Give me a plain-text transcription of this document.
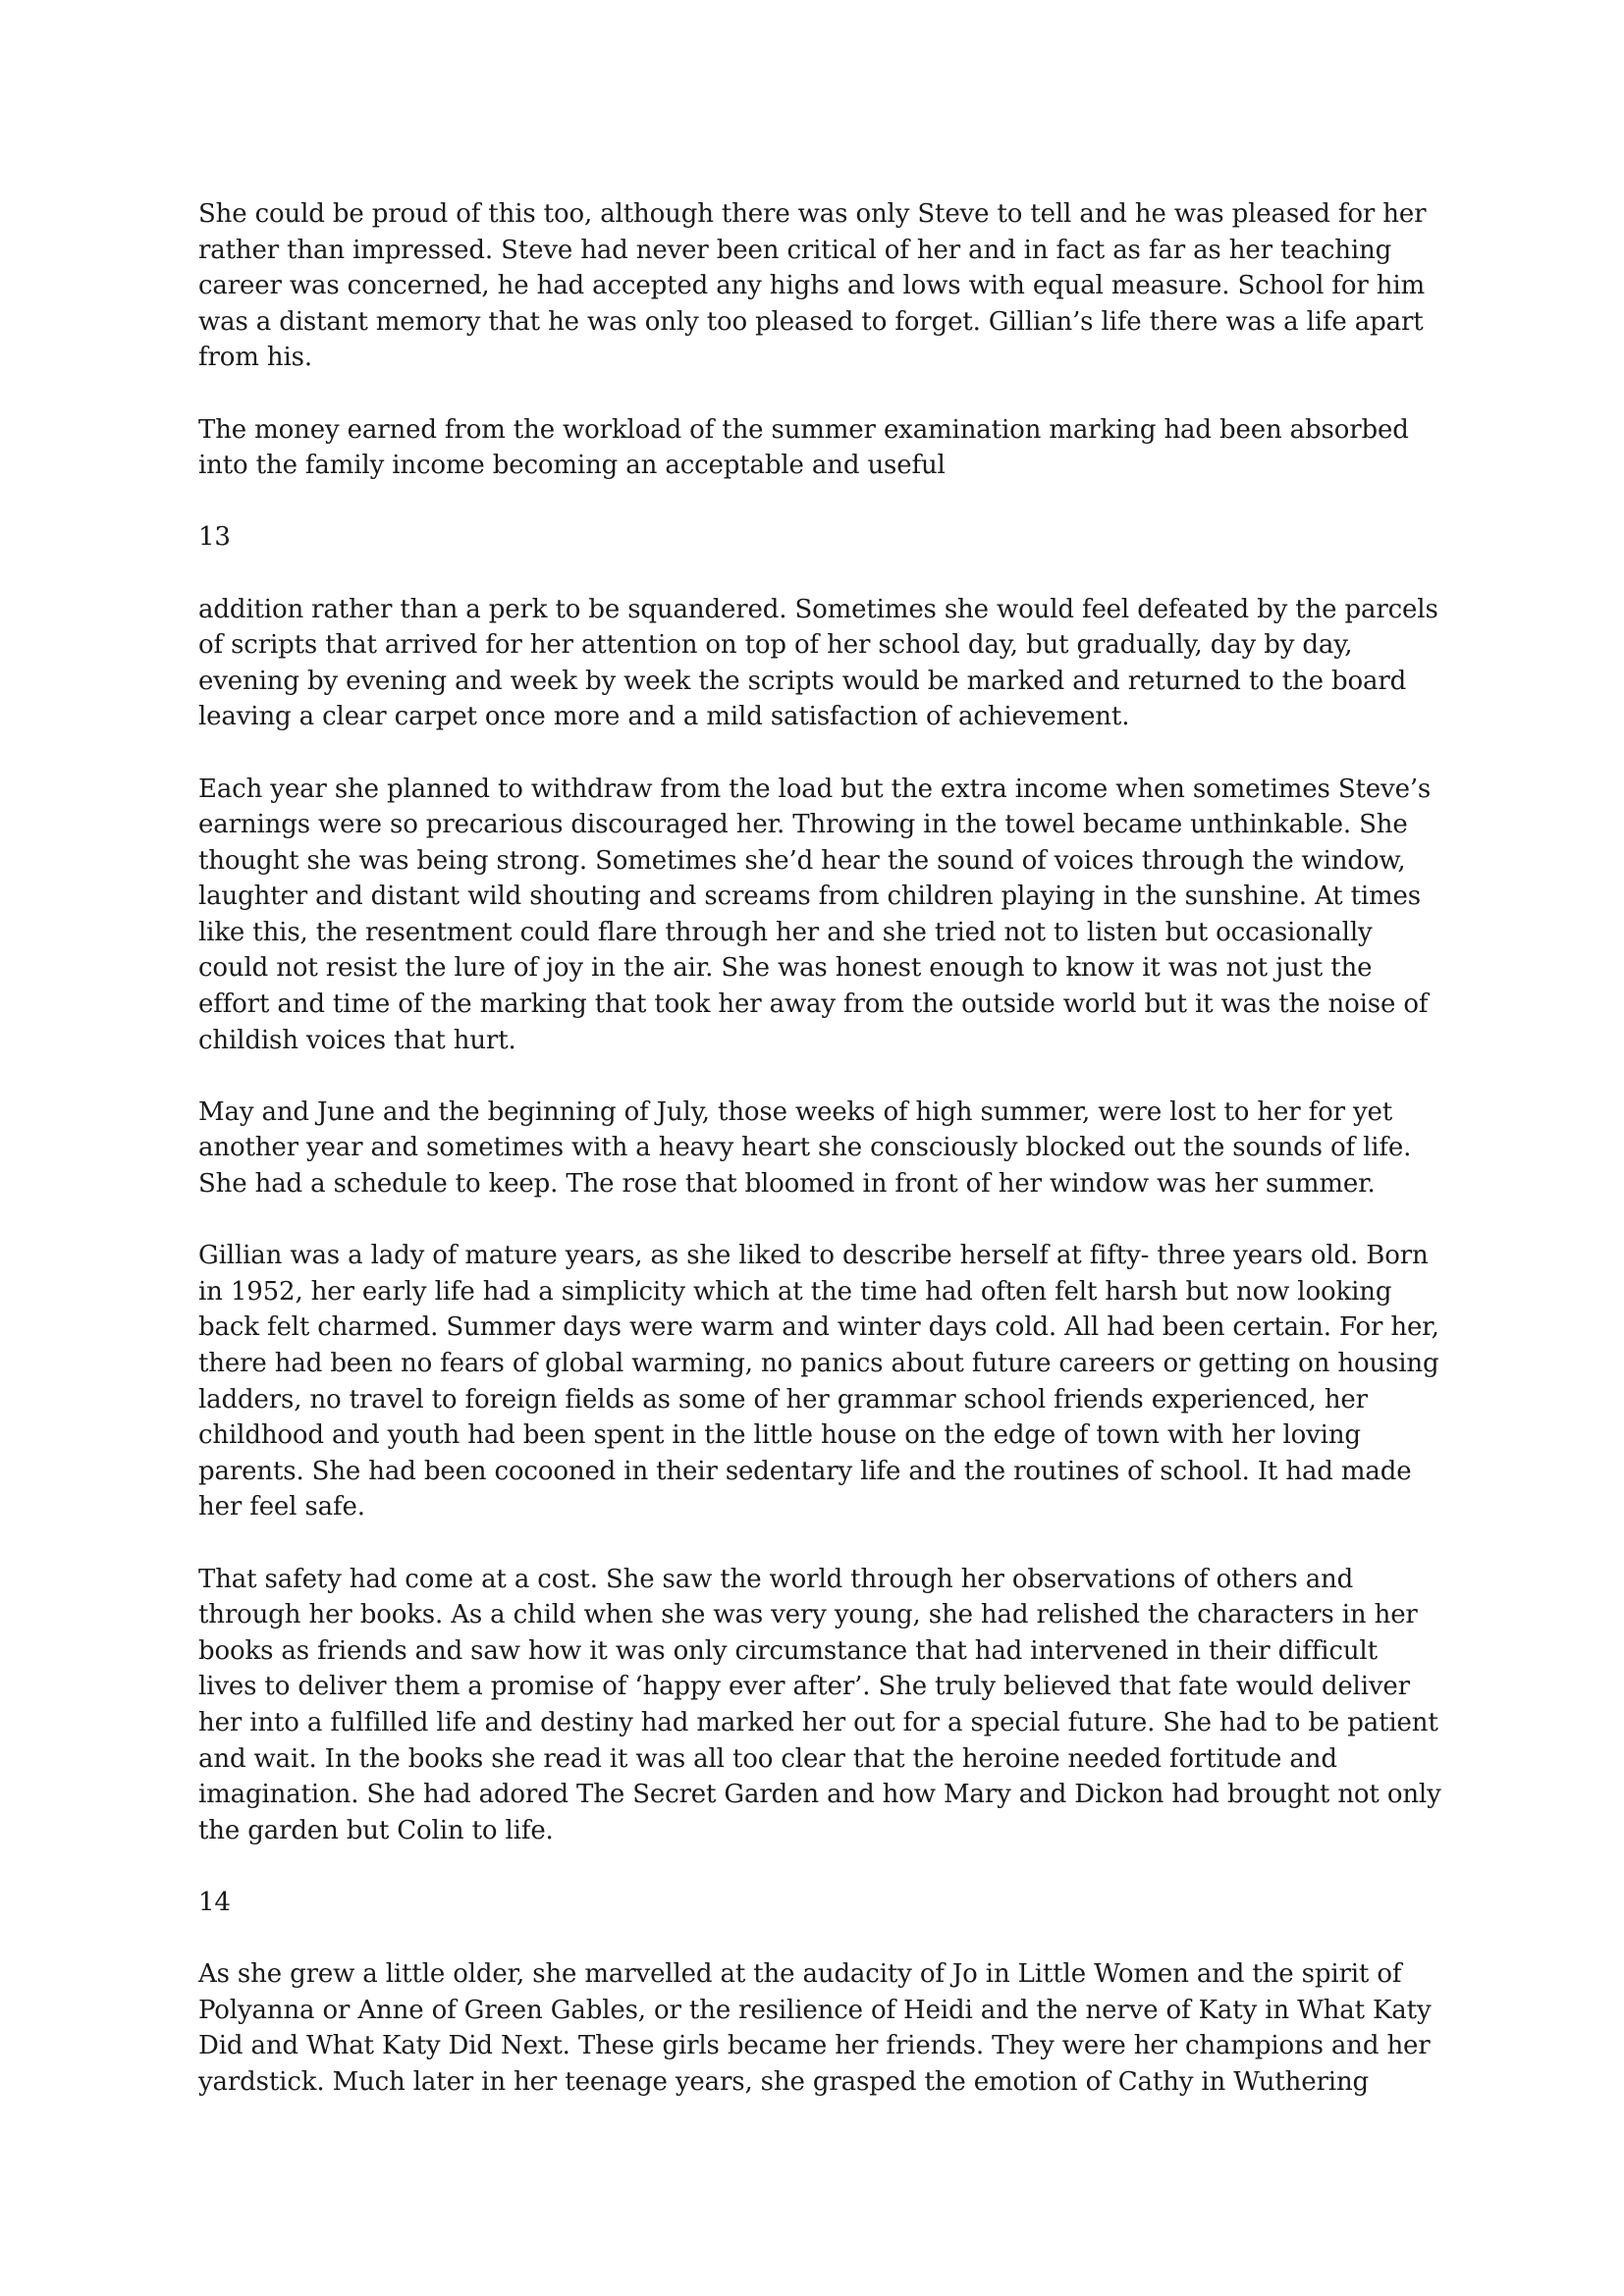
She could be proud of this too, although there was only Steve to tell and he was pleased for her
rather than impressed. Steve had never been critical of her and in fact as far as her teaching
career was concerned, he had accepted any highs and lows with equal measure. School for him
was a distant memory that he was only too pleased to forget. Gillian’s life there was a life apart
from his.

The money earned from the workload of the summer examination marking had been absorbed
into the family income becoming an acceptable and useful

13

addition rather than a perk to be squandered. Sometimes she would feel defeated by the parcels
of scripts that arrived for her attention on top of her school day, but gradually, day by day,
evening by evening and week by week the scripts would be marked and returned to the board
leaving a clear carpet once more and a mild satisfaction of achievement.

Each year she planned to withdraw from the load but the extra income when sometimes Steve’s
earnings were so precarious discouraged her. Throwing in the towel became unthinkable. She
thought she was being strong. Sometimes she’d hear the sound of voices through the window,
laughter and distant wild shouting and screams from children playing in the sunshine. At times
like this, the resentment could flare through her and she tried not to listen but occasionally
could not resist the lure of joy in the air. She was honest enough to know it was not just the
effort and time of the marking that took her away from the outside world but it was the noise of
childish voices that hurt.

May and June and the beginning of July, those weeks of high summer, were lost to her for yet
another year and sometimes with a heavy heart she consciously blocked out the sounds of life.
She had a schedule to keep. The rose that bloomed in front of her window was her summer.

Gillian was a lady of mature years, as she liked to describe herself at fifty- three years old. Born
in 1952, her early life had a simplicity which at the time had often felt harsh but now looking
back felt charmed. Summer days were warm and winter days cold. All had been certain. For her,
there had been no fears of global warming, no panics about future careers or getting on housing
ladders, no travel to foreign fields as some of her grammar school friends experienced, her
childhood and youth had been spent in the little house on the edge of town with her loving
parents. She had been cocooned in their sedentary life and the routines of school. It had made
her feel safe.

That safety had come at a cost. She saw the world through her observations of others and
through her books. As a child when she was very young, she had relished the characters in her
books as friends and saw how it was only circumstance that had intervened in their difficult
lives to deliver them a promise of ‘happy ever after’. She truly believed that fate would deliver
her into a fulfilled life and destiny had marked her out for a special future. She had to be patient
and wait. In the books she read it was all too clear that the heroine needed fortitude and
imagination. She had adored The Secret Garden and how Mary and Dickon had brought not only
the garden but Colin to life.

14

As she grew a little older, she marvelled at the audacity of Jo in Little Women and the spirit of
Polyanna or Anne of Green Gables, or the resilience of Heidi and the nerve of Katy in What Katy
Did and What Katy Did Next. These girls became her friends. They were her champions and her
yardstick. Much later in her teenage years, she grasped the emotion of Cathy in Wuthering
